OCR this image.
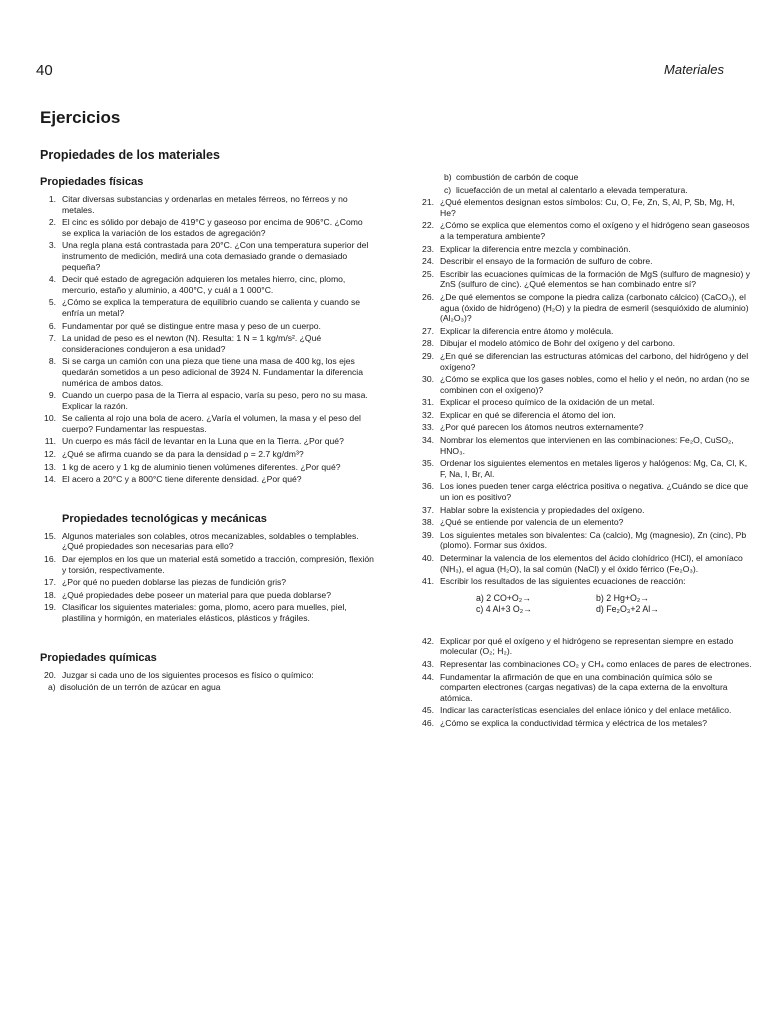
40	Materiales
Ejercicios
Propiedades de los materiales
Propiedades físicas
1. Citar diversas substancias y ordenarlas en metales férreos, no férreos y no metales.
2. El cinc es sólido por debajo de 419°C y gaseoso por encima de 906°C. ¿Como se explica la variación de los estados de agregación?
3. Una regla plana está contrastada para 20°C. ¿Con una temperatura superior del instrumento de medición, medirá una cota demasiado grande o demasiado pequeña?
4. Decir qué estado de agregación adquieren los metales hierro, cinc, plomo, mercurio, estaño y aluminio, a 400°C, y cuál a 1 000°C.
5. ¿Cómo se explica la temperatura de equilibrio cuando se calienta y cuando se enfría un metal?
6. Fundamentar por qué se distingue entre masa y peso de un cuerpo.
7. La unidad de peso es el newton (N). Resulta: 1 N = 1 kg/m/s². ¿Qué consideraciones condujeron a esa unidad?
8. Si se carga un camión con una pieza que tiene una masa de 400 kg, los ejes quedarán sometidos a un peso adicional de 3924 N. Fundamentar la diferencia numérica de ambos datos.
9. Cuando un cuerpo pasa de la Tierra al espacio, varía su peso, pero no su masa. Explicar la razón.
10. Se calienta al rojo una bola de acero. ¿Varía el volumen, la masa y el peso del cuerpo? Fundamentar las respuestas.
11. Un cuerpo es más fácil de levantar en la Luna que en la Tierra. ¿Por qué?
12. ¿Qué se afirma cuando se da para la densidad ρ = 2.7 kg/dm³?
13. 1 kg de acero y 1 kg de aluminio tienen volúmenes diferentes. ¿Por qué?
14. El acero a 20°C y a 800°C tiene diferente densidad. ¿Por qué?
Propiedades tecnológicas y mecánicas
15. Algunos materiales son colables, otros mecanizables, soldables o templables. ¿Qué propiedades son necesarias para ello?
16. Dar ejemplos en los que un material está sometido a tracción, compresión, flexión y torsión, respectivamente.
17. ¿Por qué no pueden doblarse las piezas de fundición gris?
18. ¿Qué propiedades debe poseer un material para que pueda doblarse?
19. Clasificar los siguientes materiales: goma, plomo, acero para muelles, piel, plastilina y hormigón, en materiales elásticos, plásticos y frágiles.
Propiedades químicas
20. Juzgar si cada uno de los siguientes procesos es físico o químico:
a) disolución de un terrón de azúcar en agua
b) combustión de carbón de coque
c) licuefacción de un metal al calentarlo a elevada temperatura.
21. ¿Qué elementos designan estos símbolos: Cu, O, Fe, Zn, S, Al, P, Sb, Mg, H, He?
22. ¿Cómo se explica que elementos como el oxígeno y el hidrógeno sean gaseosos a la temperatura ambiente?
23. Explicar la diferencia entre mezcla y combinación.
24. Describir el ensayo de la formación de sulfuro de cobre.
25. Escribir las ecuaciones químicas de la formación de MgS (sulfuro de magnesio) y ZnS (sulfuro de cinc). ¿Qué elementos se han combinado entre sí?
26. ¿De qué elementos se compone la piedra caliza (carbonato cálcico) (CaCO₃), el agua (óxido de hidrógeno) (H₂O) y la piedra de esmeril (sesquióxido de aluminio) (Al₂O₃)?
27. Explicar la diferencia entre átomo y molécula.
28. Dibujar el modelo atómico de Bohr del oxígeno y del carbono.
29. ¿En qué se diferencian las estructuras atómicas del carbono, del hidrógeno y del oxígeno?
30. ¿Cómo se explica que los gases nobles, como el helio y el neón, no ardan (no se combinen con el oxígeno)?
31. Explicar el proceso químico de la oxidación de un metal.
32. Explicar en qué se diferencia el átomo del ion.
33. ¿Por qué parecen los átomos neutros externamente?
34. Nombrar los elementos que intervienen en las combinaciones: Fe₂O, CuSO₂, HNO₃.
35. Ordenar los siguientes elementos en metales ligeros y halógenos: Mg, Ca, Cl, K, F, Na, I, Br, Al.
36. Los iones pueden tener carga eléctrica positiva o negativa. ¿Cuándo se dice que un ion es positivo?
37. Hablar sobre la existencia y propiedades del oxígeno.
38. ¿Qué se entiende por valencia de un elemento?
39. Los siguientes metales son bivalentes: Ca (calcio), Mg (magnesio), Zn (cinc), Pb (plomo). Formar sus óxidos.
40. Determinar la valencia de los elementos del ácido clohídrico (HCl), el amoníaco (NH₃), el agua (H₂O), la sal común (NaCl) y el óxido férrico (Fe₂O₃).
41. Escribir los resultados de las siguientes ecuaciones de reacción:
a) 2 CO+O₂→	b) 2 Hg+O₂→
c) 4 Al+3 O₂→	d) Fe₂O₃+2 Al→
42. Explicar por qué el oxígeno y el hidrógeno se representan siempre en estado molecular (O₂; H₂).
43. Representar las combinaciones CO₂ y CH₄ como enlaces de pares de electrones.
44. Fundamentar la afirmación de que en una combinación química sólo se comparten electrones (cargas negativas) de la capa externa de la envoltura atómica.
45. Indicar las características esenciales del enlace iónico y del enlace metálico.
46. ¿Cómo se explica la conductividad térmica y eléctrica de los metales?
